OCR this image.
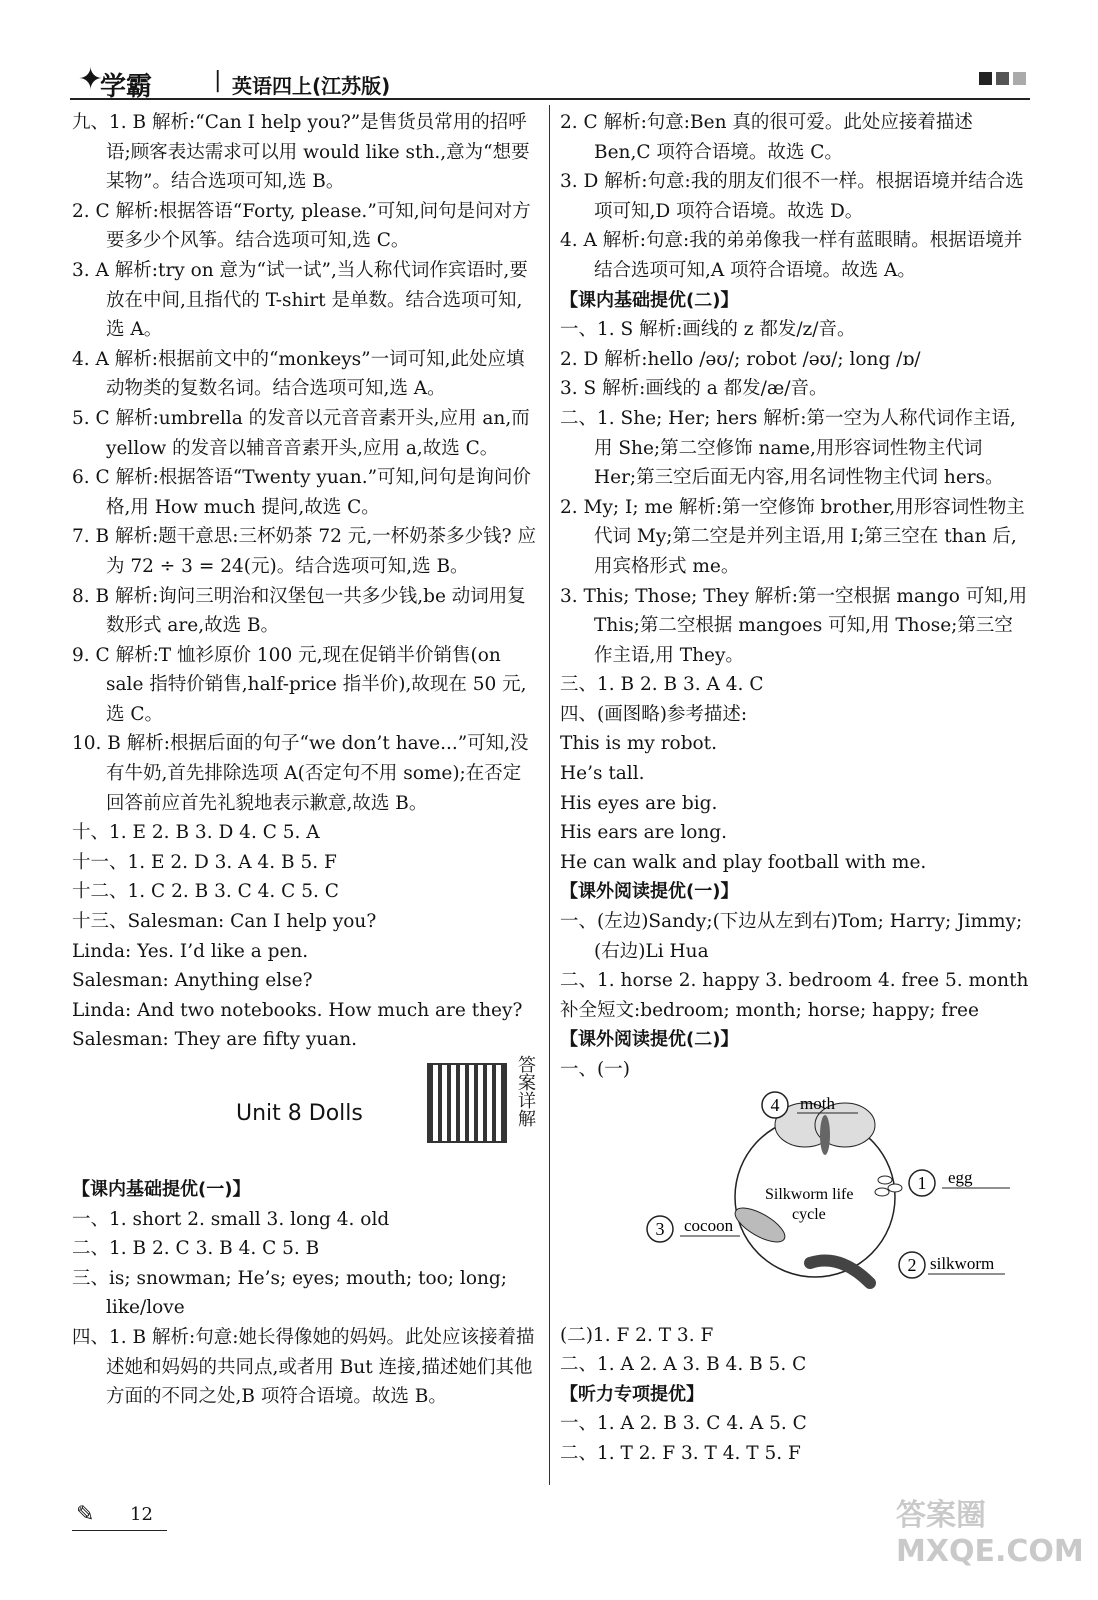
✦
学霸	| 英语四上(江苏版)

九、1. B 解析:“Can I help you?”是售货员常用的招呼语;顾客表达需求可以用 would like sth.,意为“想要某物”。结合选项可知,选 B。

2. C 解析:根据答语“Forty, please.”可知,问句是问对方要多少个风筝。结合选项可知,选 C。

3. A 解析:try on 意为“试一试”,当人称代词作宾语时,要放在中间,且指代的 T-shirt 是单数。结合选项可知,选 A。

4. A 解析:根据前文中的“monkeys”一词可知,此处应填动物类的复数名词。结合选项可知,选 A。

5. C 解析:umbrella 的发音以元音音素开头,应用 an,而 yellow 的发音以辅音音素开头,应用 a,故选 C。

6. C 解析:根据答语“Twenty yuan.”可知,问句是询问价格,用 How much 提问,故选 C。

7. B 解析:题干意思:三杯奶茶 72 元,一杯奶茶多少钱? 应为 72 ÷ 3 = 24(元)。结合选项可知,选 B。

8. B 解析:询问三明治和汉堡包一共多少钱,be 动词用复数形式 are,故选 B。

9. C 解析:T 恤衫原价 100 元,现在促销半价销售(on sale 指特价销售,half-price 指半价),故现在 50 元,选 C。

10. B 解析:根据后面的句子“we don’t have...”可知,没有牛奶,首先排除选项 A(否定句不用 some);在否定回答前应首先礼貌地表示歉意,故选 B。

十、1. E 2. B 3. D 4. C 5. A

十一、1. E 2. D 3. A 4. B 5. F

十二、1. C 2. B 3. C 4. C 5. C

十三、Salesman: Can I help you?

Linda: Yes. I’d like a pen.

Salesman: Anything else?

Linda: And two notebooks. How much are they?

Salesman: They are fifty yuan.

Unit 8 Dolls	答案详解

【课内基础提优(一)】

一、1. short 2. small 3. long 4. old

二、1. B 2. C 3. B 4. C 5. B

三、is; snowman; He’s; eyes; mouth; too; long; like/love

四、1. B 解析:句意:她长得像她的妈妈。此处应该接着描述她和妈妈的共同点,或者用 But 连接,描述她们其他方面的不同之处,B 项符合语境。故选 B。

2. C 解析:句意:Ben 真的很可爱。此处应接着描述 Ben,C 项符合语境。故选 C。

3. D 解析:句意:我的朋友们很不一样。根据语境并结合选项可知,D 项符合语境。故选 D。

4. A 解析:句意:我的弟弟像我一样有蓝眼睛。根据语境并结合选项可知,A 项符合语境。故选 A。

【课内基础提优(二)】

一、1. S 解析:画线的 z 都发/z/音。

2. D 解析:hello /əʊ/; robot /əʊ/; long /ɒ/

3. S 解析:画线的 a 都发/æ/音。

二、1. She; Her; hers 解析:第一空为人称代词作主语,用 She;第二空修饰 name,用形容词性物主代词 Her;第三空后面无内容,用名词性物主代词 hers。

2. My; I; me 解析:第一空修饰 brother,用形容词性物主代词 My;第二空是并列主语,用 I;第三空在 than 后,用宾格形式 me。

3. This; Those; They 解析:第一空根据 mango 可知,用 This;第二空根据 mangoes 可知,用 Those;第三空作主语,用 They。

三、1. B 2. B 3. A 4. C

四、(画图略)参考描述:

This is my robot.

He’s tall.

His eyes are big.

His ears are long.

He can walk and play football with me.

【课外阅读提优(一)】

一、(左边)Sandy;(下边从左到右)Tom; Harry; Jimmy;(右边)Li Hua

二、1. horse 2. happy 3. bedroom 4. free 5. month

补全短文:bedroom; month; horse; happy; free

【课外阅读提优(二)】

一、(一)

4 moth
1 egg
2 silkworm
3 cocoon
Silkworm life
cycle

(二)1. F 2. T 3. F

二、1. A 2. A 3. B 4. B 5. C

【听力专项提优】

一、1. A 2. B 3. C 4. A 5. C

二、1. T 2. F 3. T 4. T 5. F

✎ 12	答案圈 MXQE.COM
